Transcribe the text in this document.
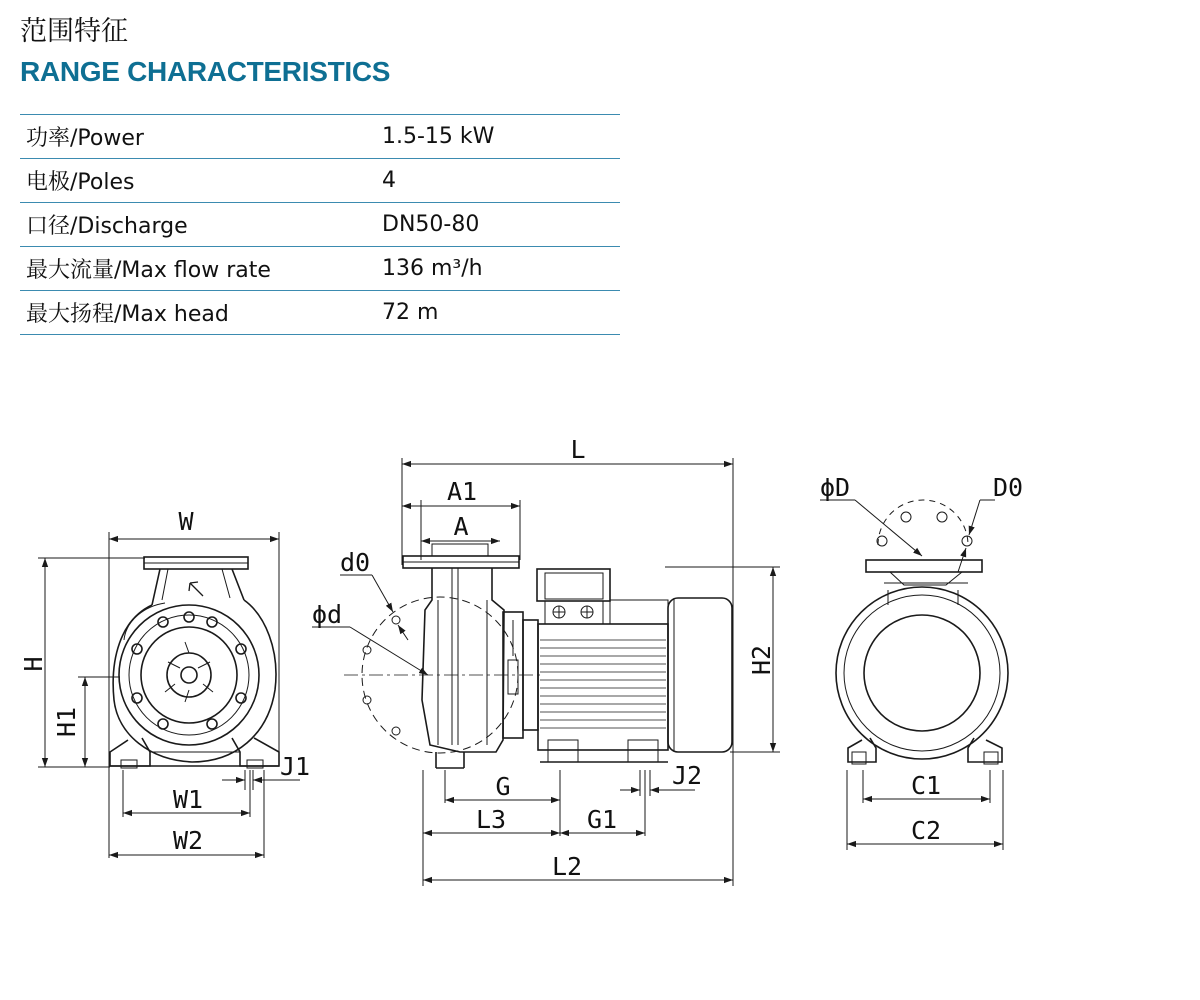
范围特征
RANGE CHARACTERISTICS
功率/Power	1.5-15 kW
电极/Poles	4
口径/Discharge	DN50-80
最大流量/Max flow rate	136 m³/h
最大扬程/Max head	72 m
W
H
H1
W1
W2
J1
L
A1
A
d0
ϕd
H2
G	J2
L3	G1
L2
ϕD	D0
C1
C2
